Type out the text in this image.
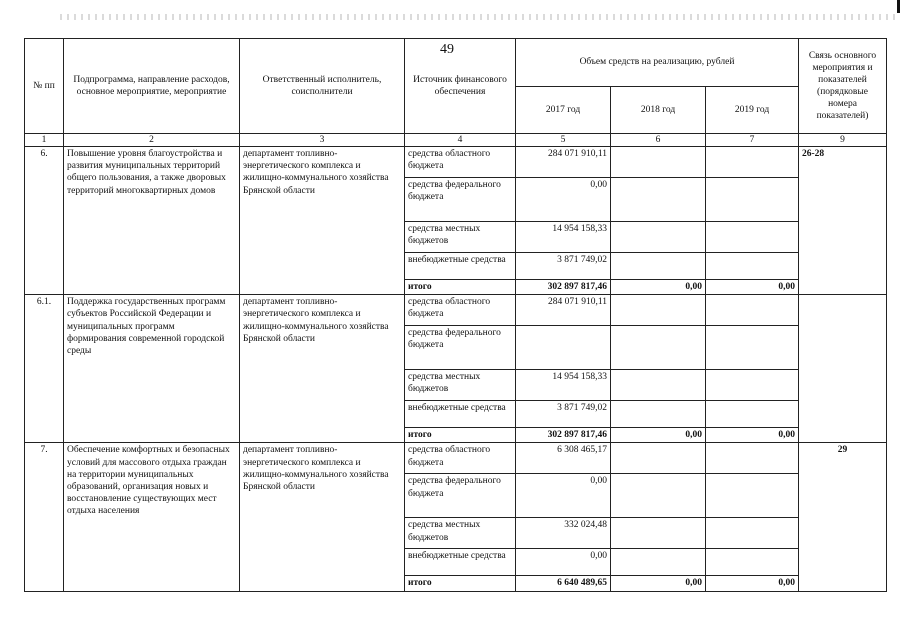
49
№ пп	Подпрограмма, направление расходов, основное мероприятие, мероприятие	Ответственный исполнитель, соисполнители	Источник финансового обеспечения	Объем средств на реализацию, рублей			Связь основного мероприятия и показателей (порядковые номера показателей)
				2017 год	2018 год	2019 год	
1	2	3	4	5	6	7	9
6.	Повышение уровня благоустройства и развития муниципальных территорий общего пользования, а также дворовых территорий многоквартирных домов	департамент топливно-энергетического комплекса и жилищно-коммунального хозяйства Брянской области	средства областного бюджета	284 071 910,11			26-28
			средства федерального бюджета	0,00			
			средства местных бюджетов	14 954 158,33			
			внебюджетные средства	3 871 749,02			
			итого	302 897 817,46	0,00	0,00	
6.1.	Поддержка государственных программ субъектов Российской Федерации и муниципальных программ формирования современной городской среды	департамент топливно-энергетического комплекса и жилищно-коммунального хозяйства Брянской области	средства областного бюджета	284 071 910,11			
			средства федерального бюджета				
			средства местных бюджетов	14 954 158,33			
			внебюджетные средства	3 871 749,02			
			итого	302 897 817,46	0,00	0,00	
7.	Обеспечение комфортных и безопасных условий для массового отдыха граждан на территории муниципальных образований, организация новых и восстановление существующих мест отдыха населения	департамент топливно-энергетического комплекса и жилищно-коммунального хозяйства Брянской области	средства областного бюджета	6 308 465,17			29
			средства федерального бюджета	0,00			
			средства местных бюджетов	332 024,48			
			внебюджетные средства	0,00			
			итого	6 640 489,65	0,00	0,00	
